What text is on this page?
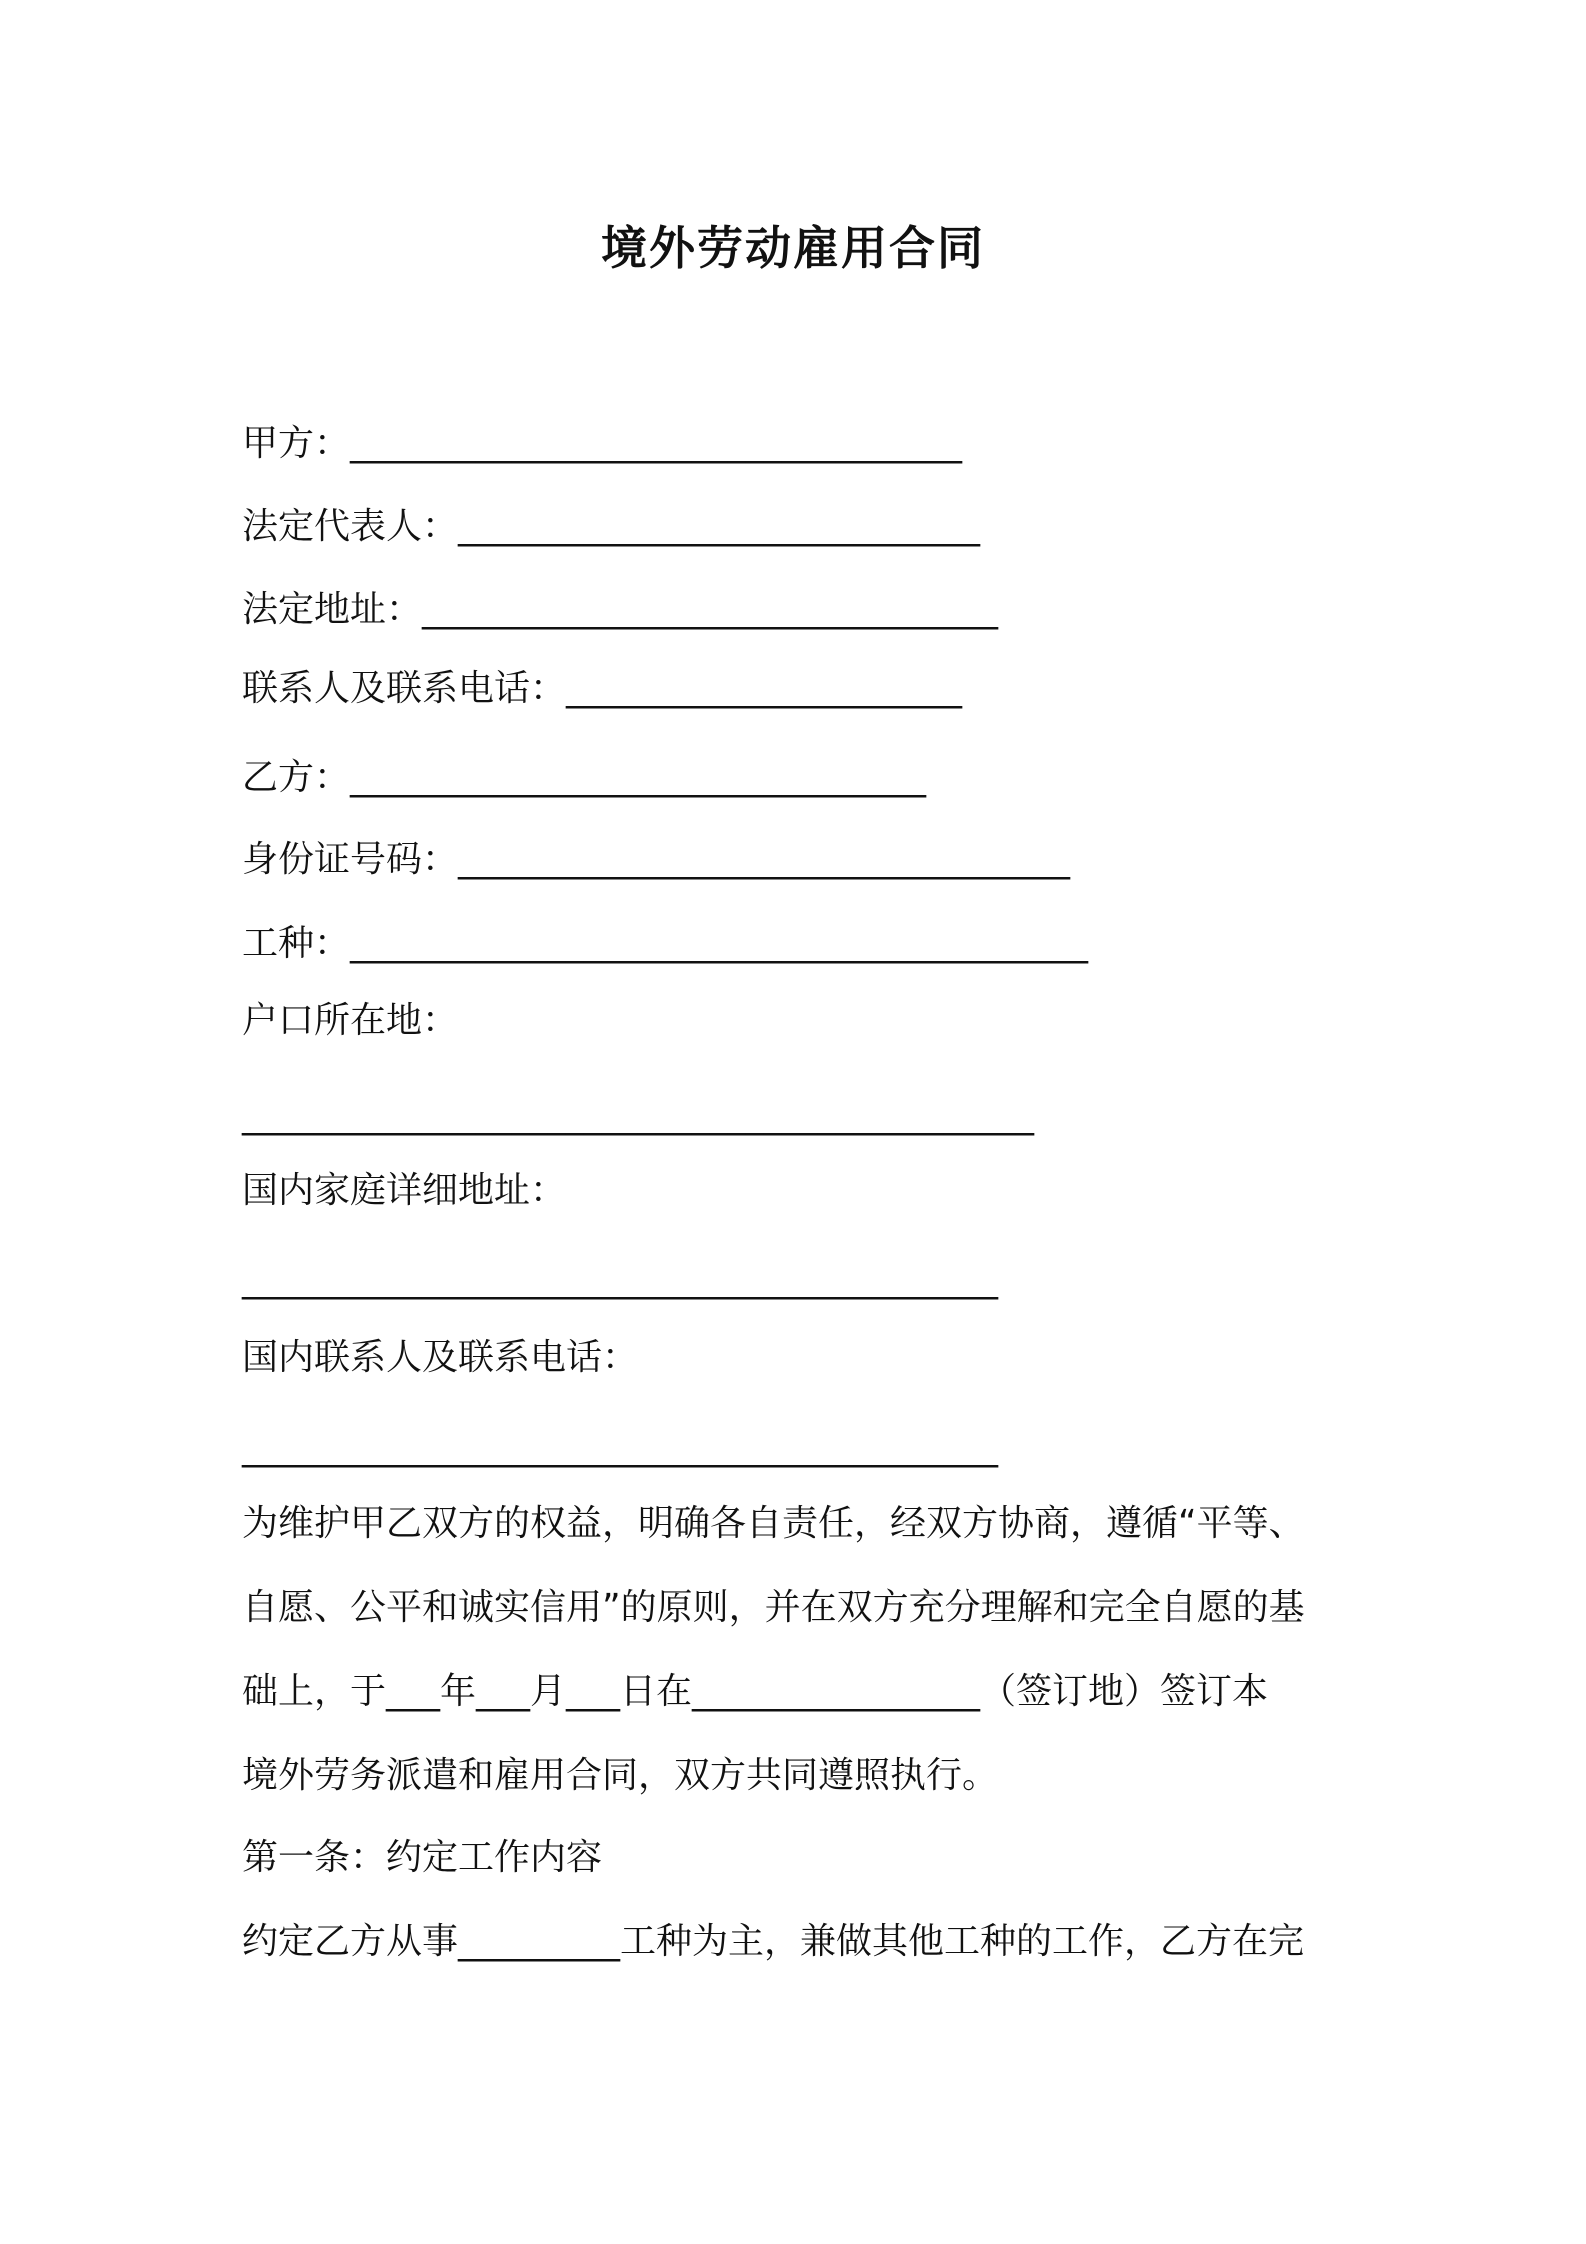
境外劳动雇用合同
甲方：__________________________________
法定代表人：_____________________________
法定地址：________________________________
联系人及联系电话：______________________
乙方：________________________________
身份证号码：__________________________________
工种：_________________________________________
户口所在地：
____________________________________________
国内家庭详细地址：
__________________________________________
国内联系人及联系电话：
__________________________________________
为维护甲乙双方的权益，明确各自责任，经双方协商，遵循“平等、
自愿、公平和诚实信用”的原则，并在双方充分理解和完全自愿的基
础上，于___年___月___日在________________（签订地）签订本
境外劳务派遣和雇用合同，双方共同遵照执行。
第一条：约定工作内容
约定乙方从事_________工种为主，兼做其他工种的工作，乙方在完
